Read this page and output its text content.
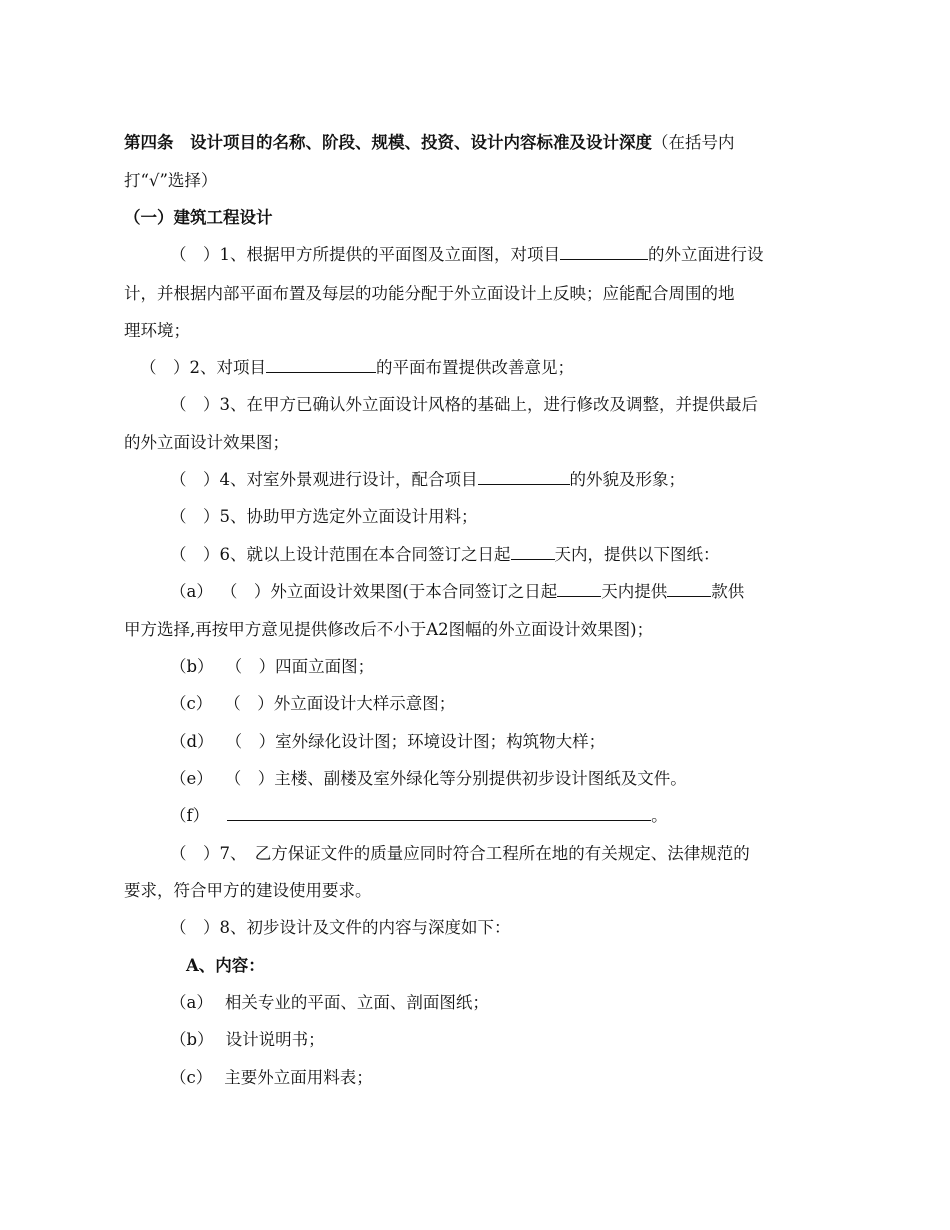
第四条　设计项目的名称、阶段、规模、投资、设计内容标准及设计深度（在括号内
打“√”选择）
（一）建筑工程设计
（　）1、根据甲方所提供的平面图及立面图，对项目	的外立面进行设
计，并根据内部平面布置及每层的功能分配于外立面设计上反映；应能配合周围的地
理环境；
（　）2、对项目	的平面布置提供改善意见；
（　）3、在甲方已确认外立面设计风格的基础上，进行修改及调整，并提供最后
的外立面设计效果图；
（　）4、对室外景观进行设计，配合项目	的外貌及形象；
（　）5、协助甲方选定外立面设计用料；
（　）6、就以上设计范围在本合同签订之日起	天内，提供以下图纸：
（a） （　）外立面设计效果图(于本合同签订之日起	天内提供	款供
甲方选择,再按甲方意见提供修改后不小于A2图幅的外立面设计效果图)；
（b） （　）四面立面图；
（c） （　）外立面设计大样示意图；
（d） （　）室外绿化设计图；环境设计图；构筑物大样；
（e） （　）主楼、副楼及室外绿化等分别提供初步设计图纸及文件。
（f）	。
（　）7、　乙方保证文件的质量应同时符合工程所在地的有关规定、法律规范的
要求，符合甲方的建设使用要求。
（　）8、初步设计及文件的内容与深度如下：
A、内容：
（a） 相关专业的平面、立面、剖面图纸；
（b） 设计说明书；
（c） 主要外立面用料表；
